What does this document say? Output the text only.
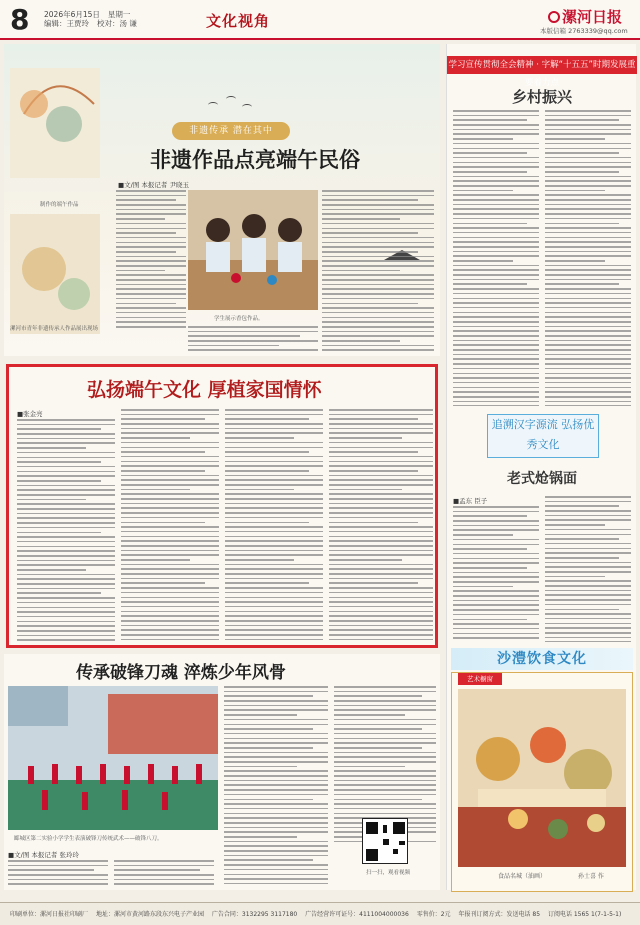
8 2026年6月15日 星期一
编辑：王贾玲 校对：汤 谦	文化视角	漯河日报
本版信箱 2763339@qq.com
制作的端午作品
漯河市青年非遗传承人作品展出现场
非遗传承 潜在其中
非遗作品点亮端午民俗
■文/图 本报记者 尹晓玉
学生展示香包作品。
弘扬端午文化 厚植家国情怀
■张金亮
传承破锋刀魂 淬炼少年风骨
郾城区第二实验小学学生表演破锋刀传统武术——破锋八刀。
■文/图 本报记者 张玲玲
扫一扫，观看视频
学习宣传贯彻全会精神 · 字解“十五五”时期发展重要着力点
乡村振兴
追溯汉字源流 弘扬优秀文化
老式炝锅面
■孟东 臣子
沙澧饮食文化
艺术橱窗
食品名城（油画）	孙士喜 作
印刷单位：漯河日报社印刷厂 地址：漯河市黄河路东段东兴电子产业园 广告合同：3132295 3117180 广告经营许可证号：4111004000036 零售价：2元 年报刊订阅方式：发送电话 85 订阅电话 1565 1(7-1-5-1)
